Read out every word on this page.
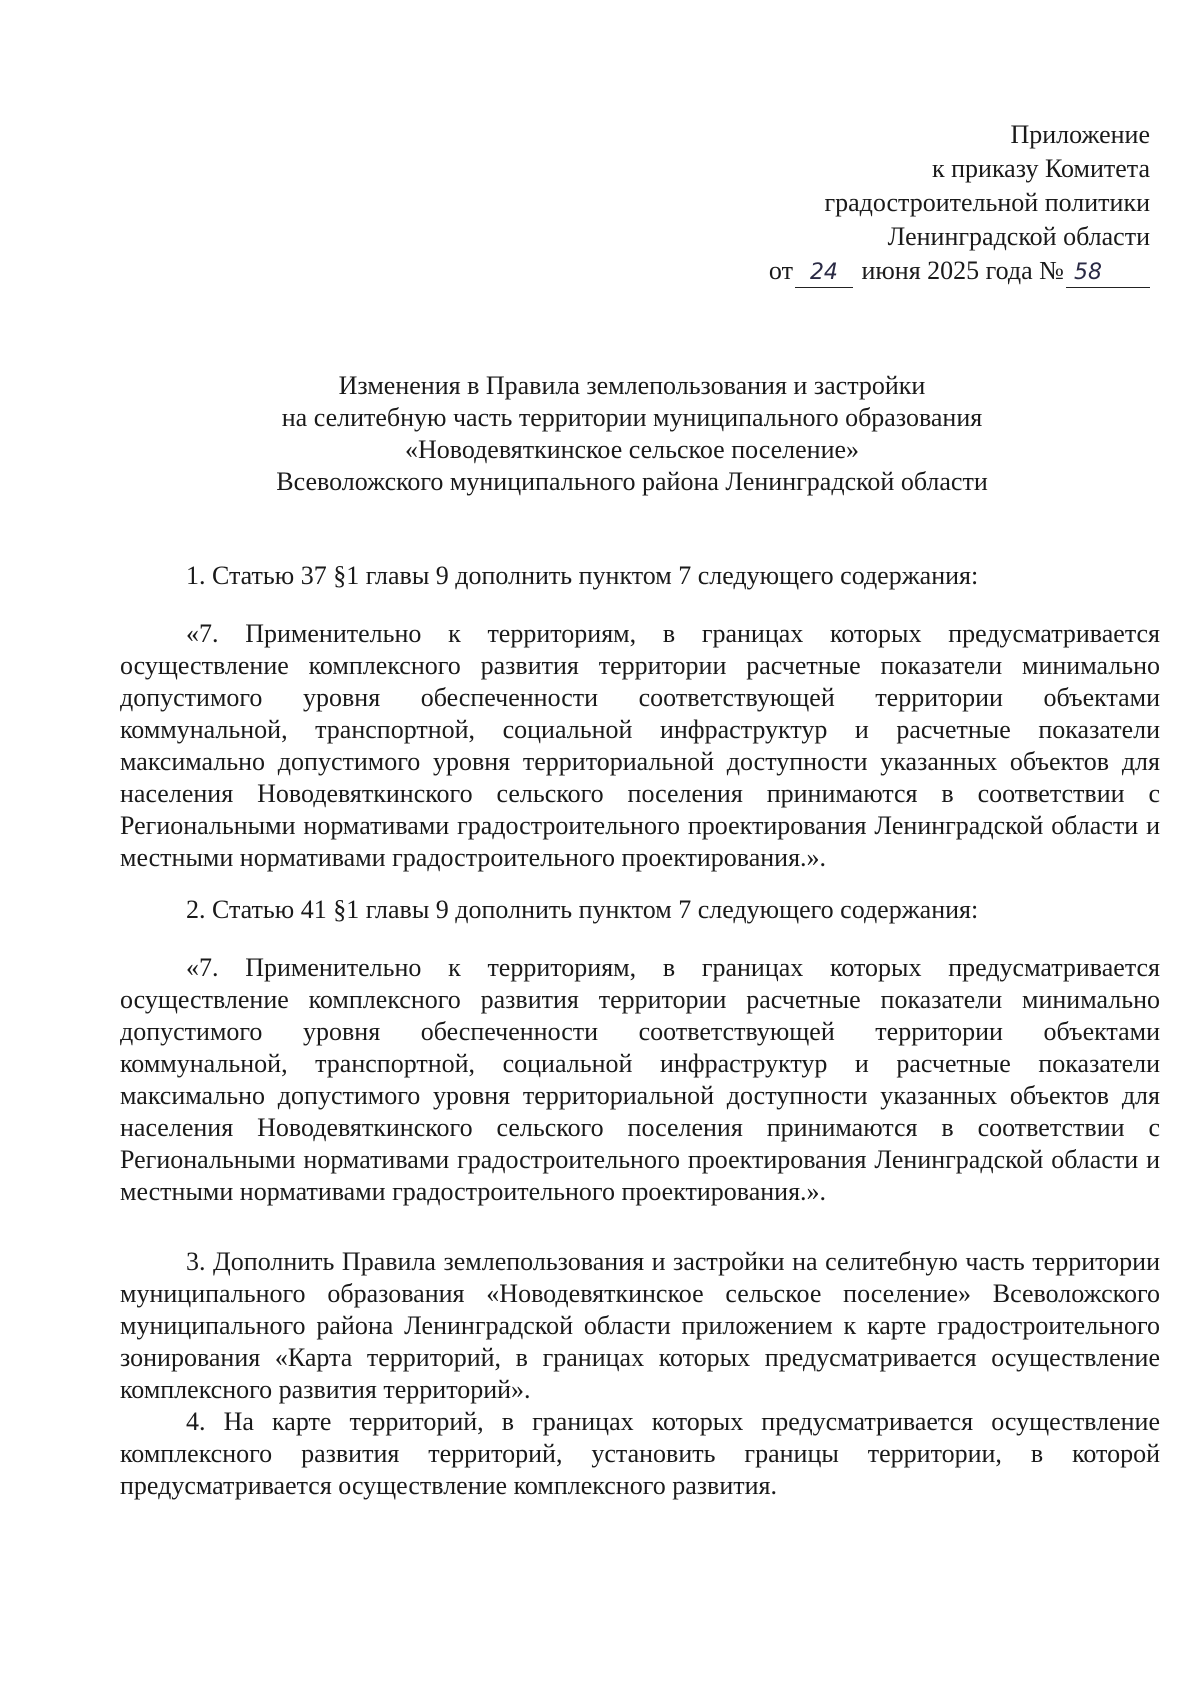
Приложение
к приказу Комитета
градостроительной политики
Ленинградской области
от 24 июня 2025 года № 58
Изменения в Правила землепользования и застройки
на селитебную часть территории муниципального образования
«Новодевяткинское сельское поселение»
Всеволожского муниципального района Ленинградской области

1. Статью 37 §1 главы 9 дополнить пунктом 7 следующего содержания:

«7. Применительно к территориям, в границах которых предусматривается осуществление комплексного развития территории расчетные показатели минимально допустимого уровня обеспеченности соответствующей территории объектами коммунальной, транспортной, социальной инфраструктур и расчетные показатели максимально допустимого уровня территориальной доступности указанных объектов для населения Новодевяткинского сельского поселения принимаются в соответствии с Региональными нормативами градостроительного проектирования Ленинградской области и местными нормативами градостроительного проектирования.».

2. Статью 41 §1 главы 9 дополнить пунктом 7 следующего содержания:

«7. Применительно к территориям, в границах которых предусматривается осуществление комплексного развития территории расчетные показатели минимально допустимого уровня обеспеченности соответствующей территории объектами коммунальной, транспортной, социальной инфраструктур и расчетные показатели максимально допустимого уровня территориальной доступности указанных объектов для населения Новодевяткинского сельского поселения принимаются в соответствии с Региональными нормативами градостроительного проектирования Ленинградской области и местными нормативами градостроительного проектирования.».

3. Дополнить Правила землепользования и застройки на селитебную часть территории муниципального образования «Новодевяткинское сельское поселение» Всеволожского муниципального района Ленинградской области приложением к карте градостроительного зонирования «Карта территорий, в границах которых предусматривается осуществление комплексного развития территорий».

4. На карте территорий, в границах которых предусматривается осуществление комплексного развития территорий, установить границы территории, в которой предусматривается осуществление комплексного развития.
